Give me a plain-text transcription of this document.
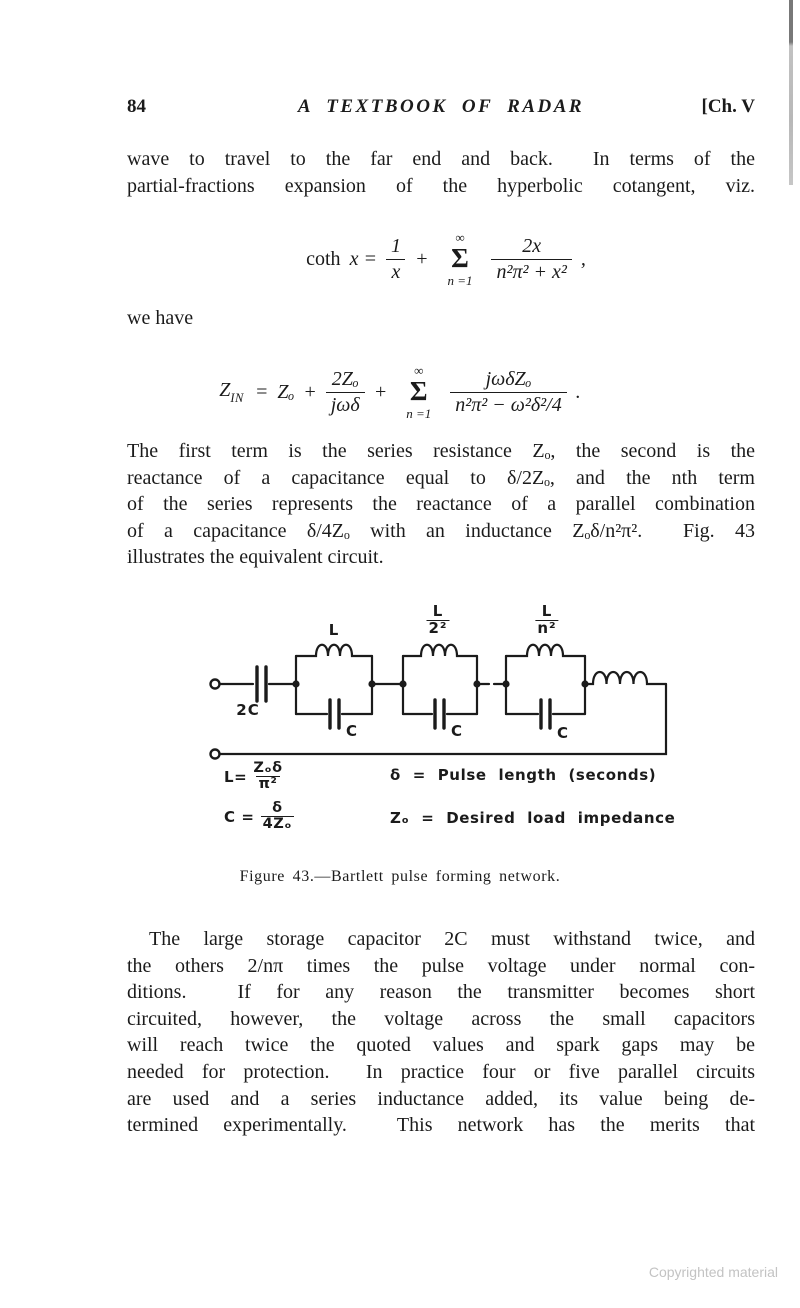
84	A TEXTBOOK OF RADAR	[Ch. V
wave to travel to the far end and back.  In terms of the
partial-fractions expansion of the hyperbolic cotangent, viz.
coth $x = \frac{1}{x}$ +
∞
Σ
$n =1 \frac{2x}{\text{n²π² + x²}}$ ,
we have
$Z_{IN} = Z_o + \frac{\text{2Zₒ}}{\text{jωδ}}$ +
∞
Σ
$n =1 \frac{\text{jωδZₒ}}{\text{n²π² − ω²δ²/4}}$ .
The first term is the series resistance Zₒ, the second is the
reactance of a capacitance equal to δ/2Zₒ, and the nth term
of the series represents the reactance of a parallel combination
of a capacitance δ/4Zₒ with an inductance Zₒδ/n²π².  Fig. 43
illustrates the equivalent circuit.
L
L
2²
L
n²
2C
C	C	C
L= Zₒδ
π²
$C = \frac{\delta}{\text{4Zₒ}}$
δ = Pulse length (seconds)
Zₒ = Desired load impedance
Figure 43.—Bartlett pulse forming network.
The large storage capacitor 2C must withstand twice, and
the others 2/nπ times the pulse voltage under normal con-
ditions.  If for any reason the transmitter becomes short
circuited, however, the voltage across the small capacitors
will reach twice the quoted values and spark gaps may be
needed for protection.  In practice four or five parallel circuits
are used and a series inductance added, its value being de-
termined experimentally.  This network has the merits that
Copyrighted material
